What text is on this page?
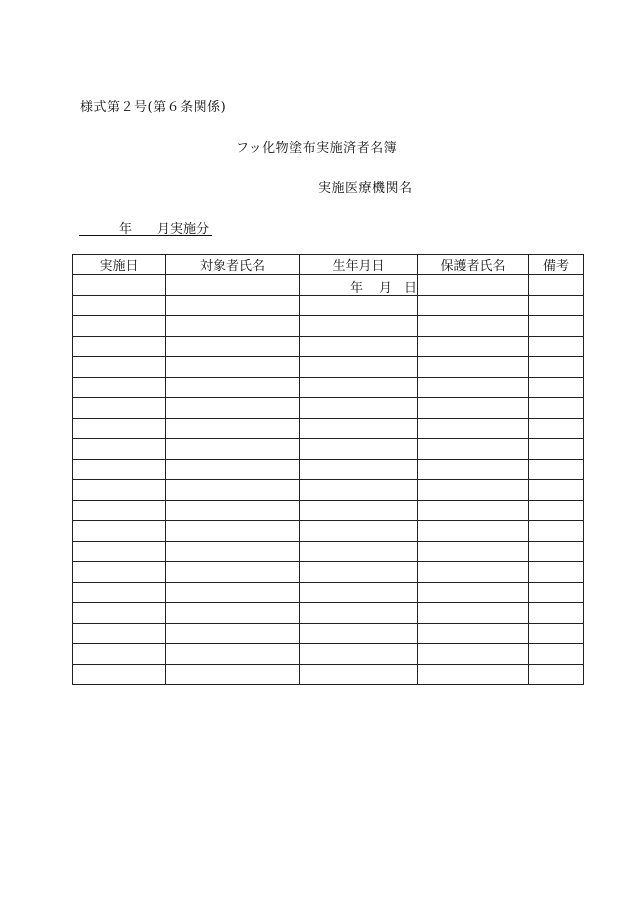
様式第２号(第６条関係)
フッ化物塗布実施済者名簿
実施医療機関名
年 月実施分
実施日	対象者氏名	生年月日	保護者氏名	備考

		年 月 日		
